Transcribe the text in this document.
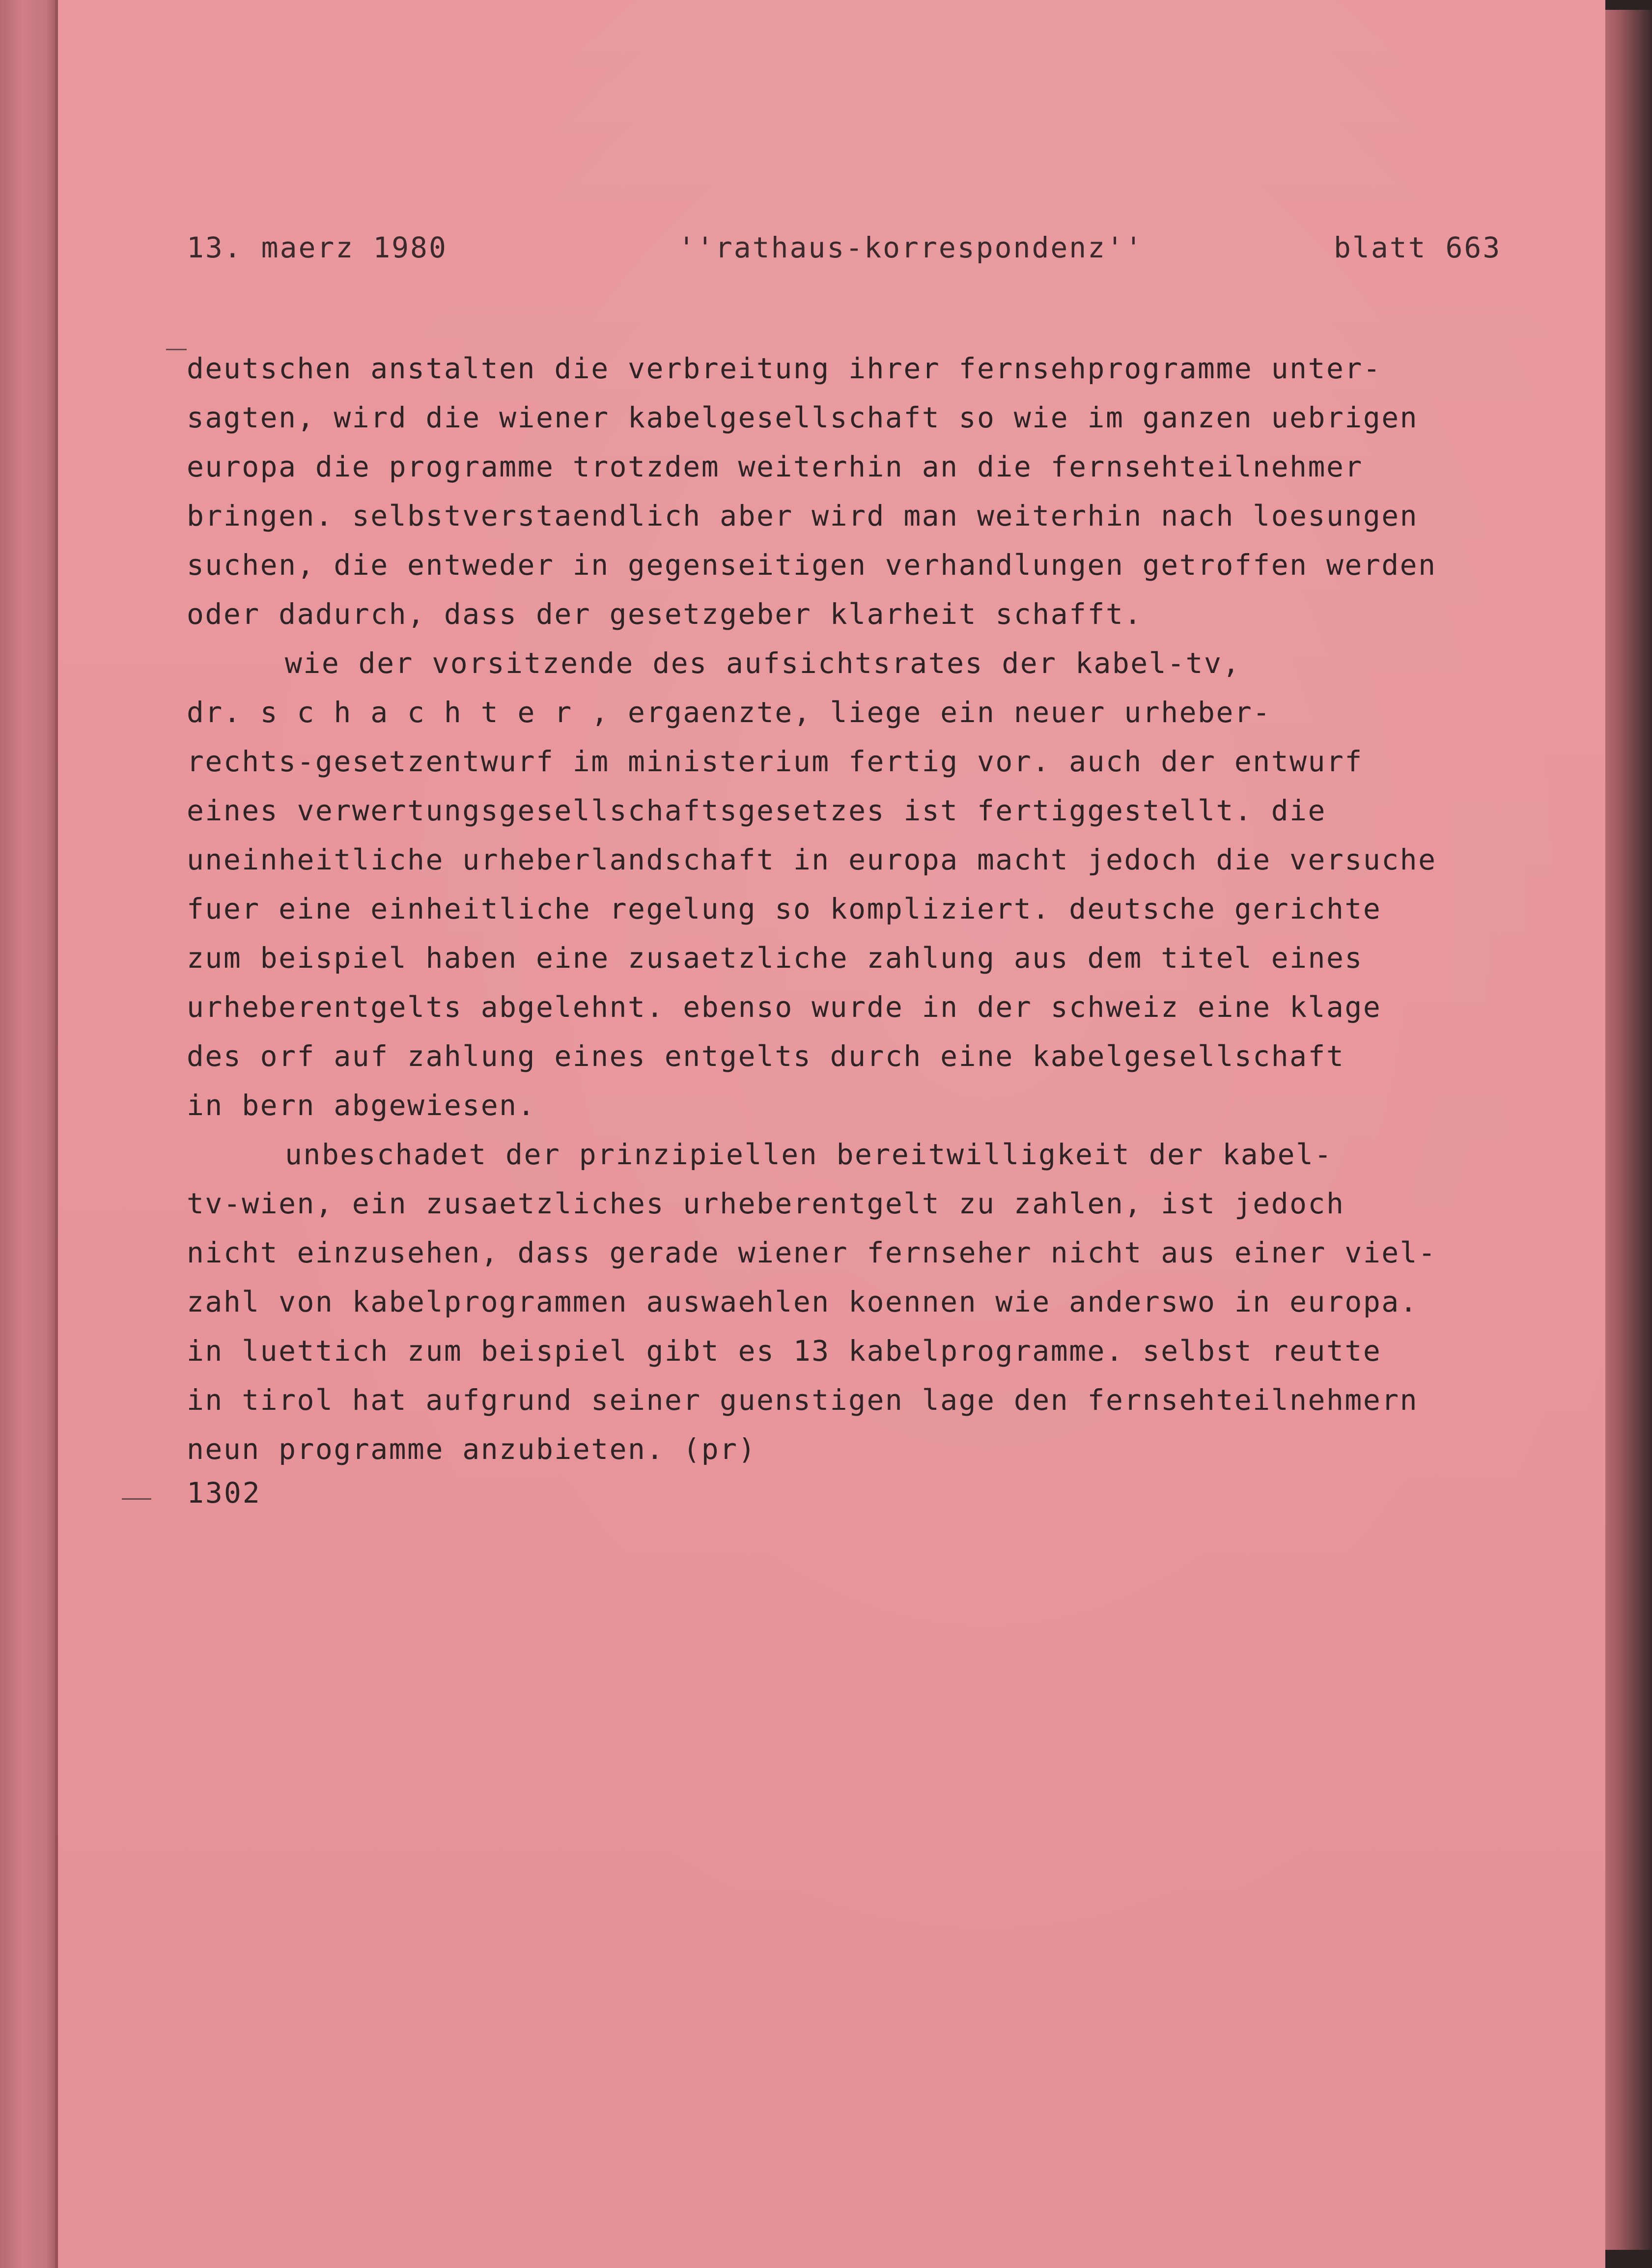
13. maerz 1980

	''rathaus-korrespondenz''

	blatt 663

deutschen anstalten die verbreitung ihrer fernsehprogramme unter-
sagten, wird die wiener kabelgesellschaft so wie im ganzen uebrigen
europa die programme trotzdem weiterhin an die fernsehteilnehmer
bringen. selbstverstaendlich aber wird man weiterhin nach loesungen
suchen, die entweder in gegenseitigen verhandlungen getroffen werden
oder dadurch, dass der gesetzgeber klarheit schafft.
wie der vorsitzende des aufsichtsrates der kabel-tv,
dr. s c h a c h t e r , ergaenzte, liege ein neuer urheber-
rechts-gesetzentwurf im ministerium fertig vor. auch der entwurf
eines verwertungsgesellschaftsgesetzes ist fertiggestellt. die
uneinheitliche urheberlandschaft in europa macht jedoch die versuche
fuer eine einheitliche regelung so kompliziert. deutsche gerichte
zum beispiel haben eine zusaetzliche zahlung aus dem titel eines
urheberentgelts abgelehnt. ebenso wurde in der schweiz eine klage
des orf auf zahlung eines entgelts durch eine kabelgesellschaft
in bern abgewiesen.
unbeschadet der prinzipiellen bereitwilligkeit der kabel-
tv-wien, ein zusaetzliches urheberentgelt zu zahlen, ist jedoch
nicht einzusehen, dass gerade wiener fernseher nicht aus einer viel-
zahl von kabelprogrammen auswaehlen koennen wie anderswo in europa.
in luettich zum beispiel gibt es 13 kabelprogramme. selbst reutte
in tirol hat aufgrund seiner guenstigen lage den fernsehteilnehmern
neun programme anzubieten. (pr)
1302
